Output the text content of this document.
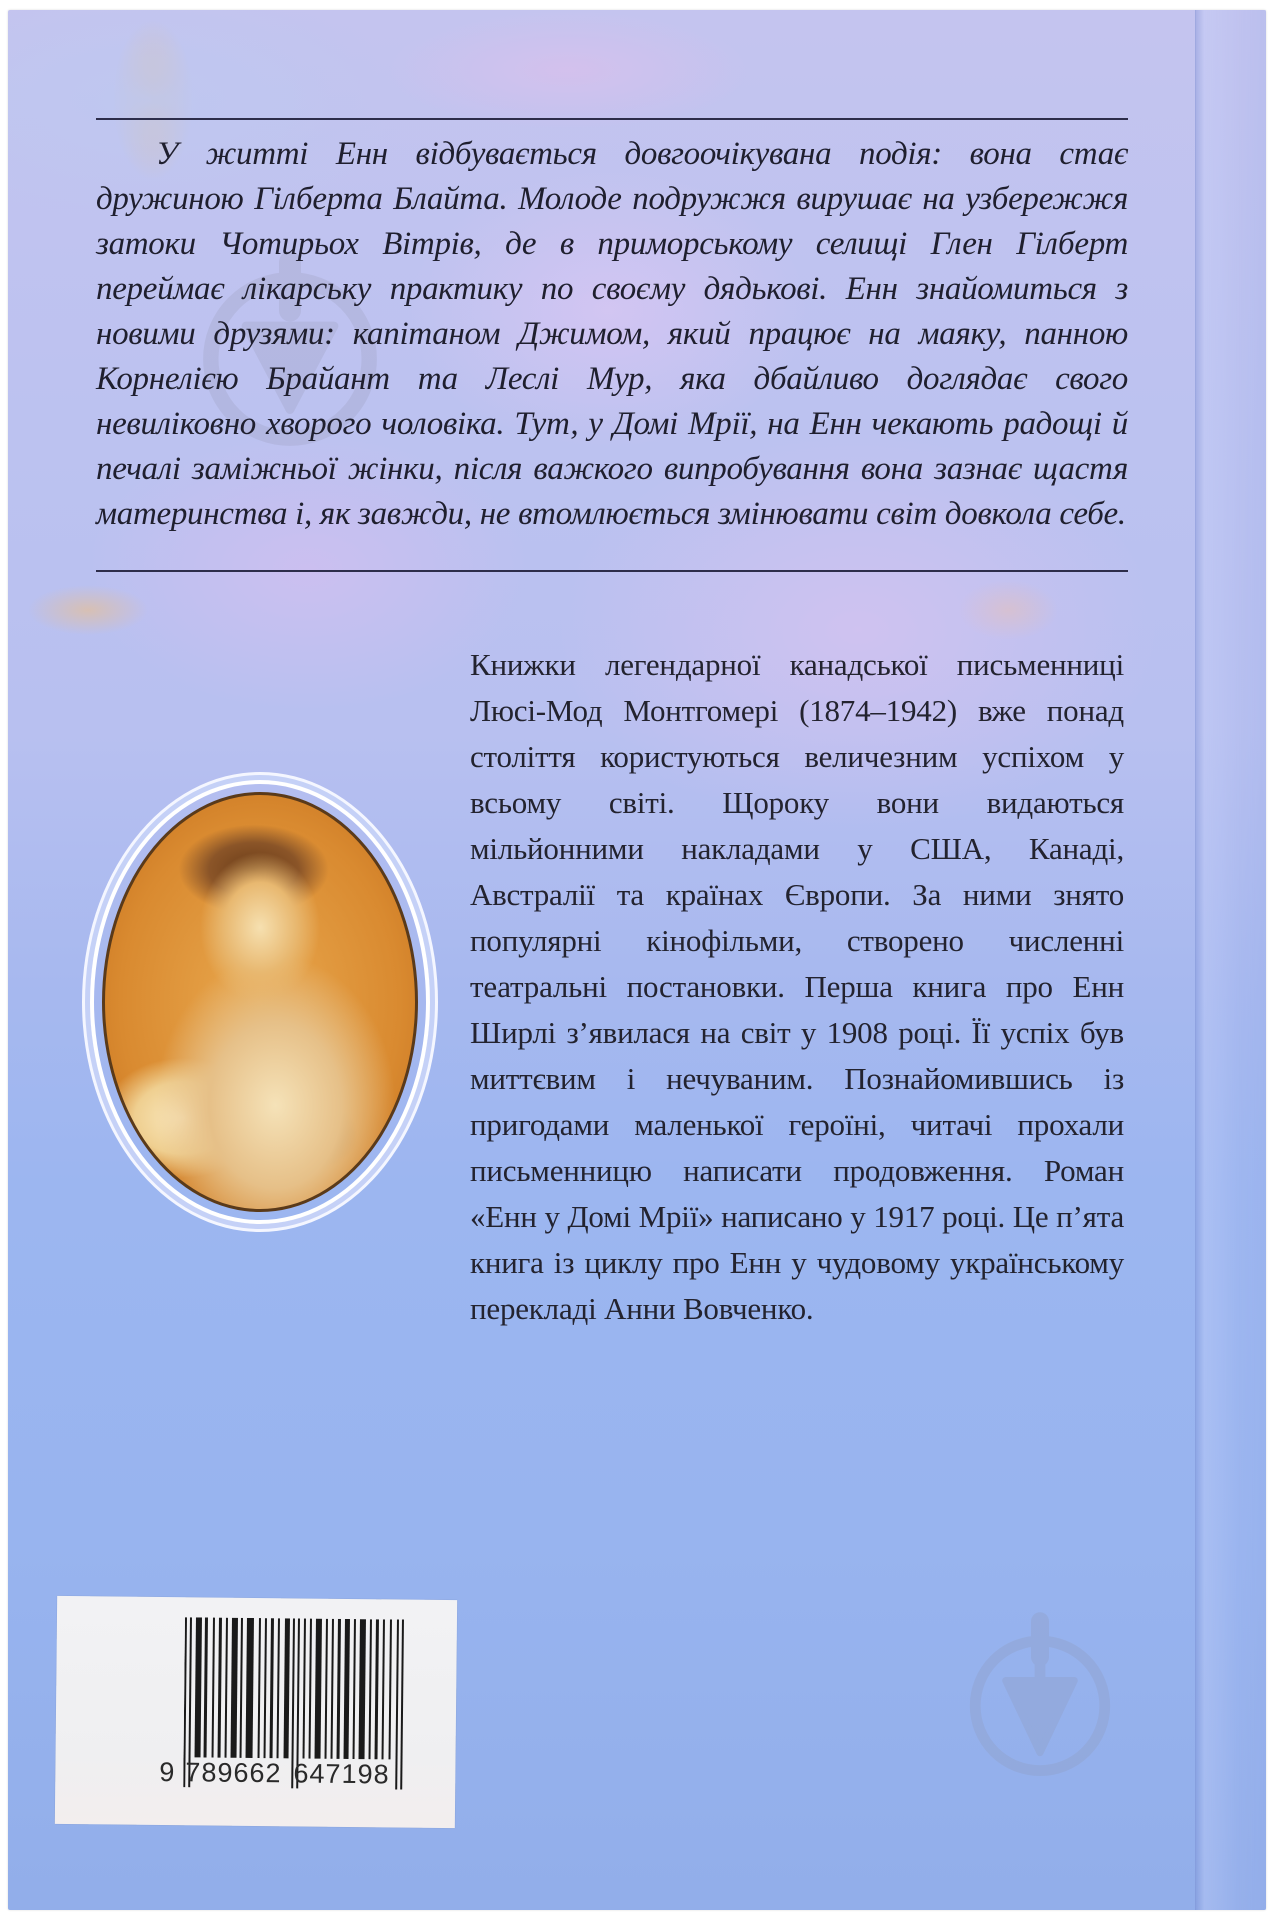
У житті Енн відбувається довгоочікувана подія: вона стає дружиною Гілберта Блайта. Молоде подружжя вирушає на узбережжя затоки Чотирьох Вітрів, де в приморському селищі Глен Гілберт переймає лікарську практику по своєму дядькові. Енн знайомиться з новими друзями: капітаном Джимом, який працює на маяку, панною Корнелією Брайант та Леслі Мур, яка дбайливо доглядає свого невиліковно хворого чоловіка. Тут, у Домі Мрії, на Енн чекають радощі й печалі заміжньої жінки, після важкого випробування вона зазнає щастя материнства і, як завжди, не втомлюється змінювати світ довкола себе.

Книжки легендарної канадської письменниці Люсі-Мод Монтгомері (1874–1942) вже понад століття користуються величезним успіхом у всьому світі. Щороку вони видаються мільйонними накладами у США, Канаді, Австралії та країнах Європи. За ними знято популярні кінофільми, створено численні театральні постановки. Перша книга про Енн Ширлі з’явилася на світ у 1908 році. Її успіх був миттєвим і нечуваним. Познайомившись із пригодами маленької героїні, читачі прохали письменницю написати продовження. Роман «Енн у Домі Мрії» написано у 1917 році. Це п’ята книга із циклу про Енн у чудовому українському перекладі Анни Вовченко.

9 789662 647198
